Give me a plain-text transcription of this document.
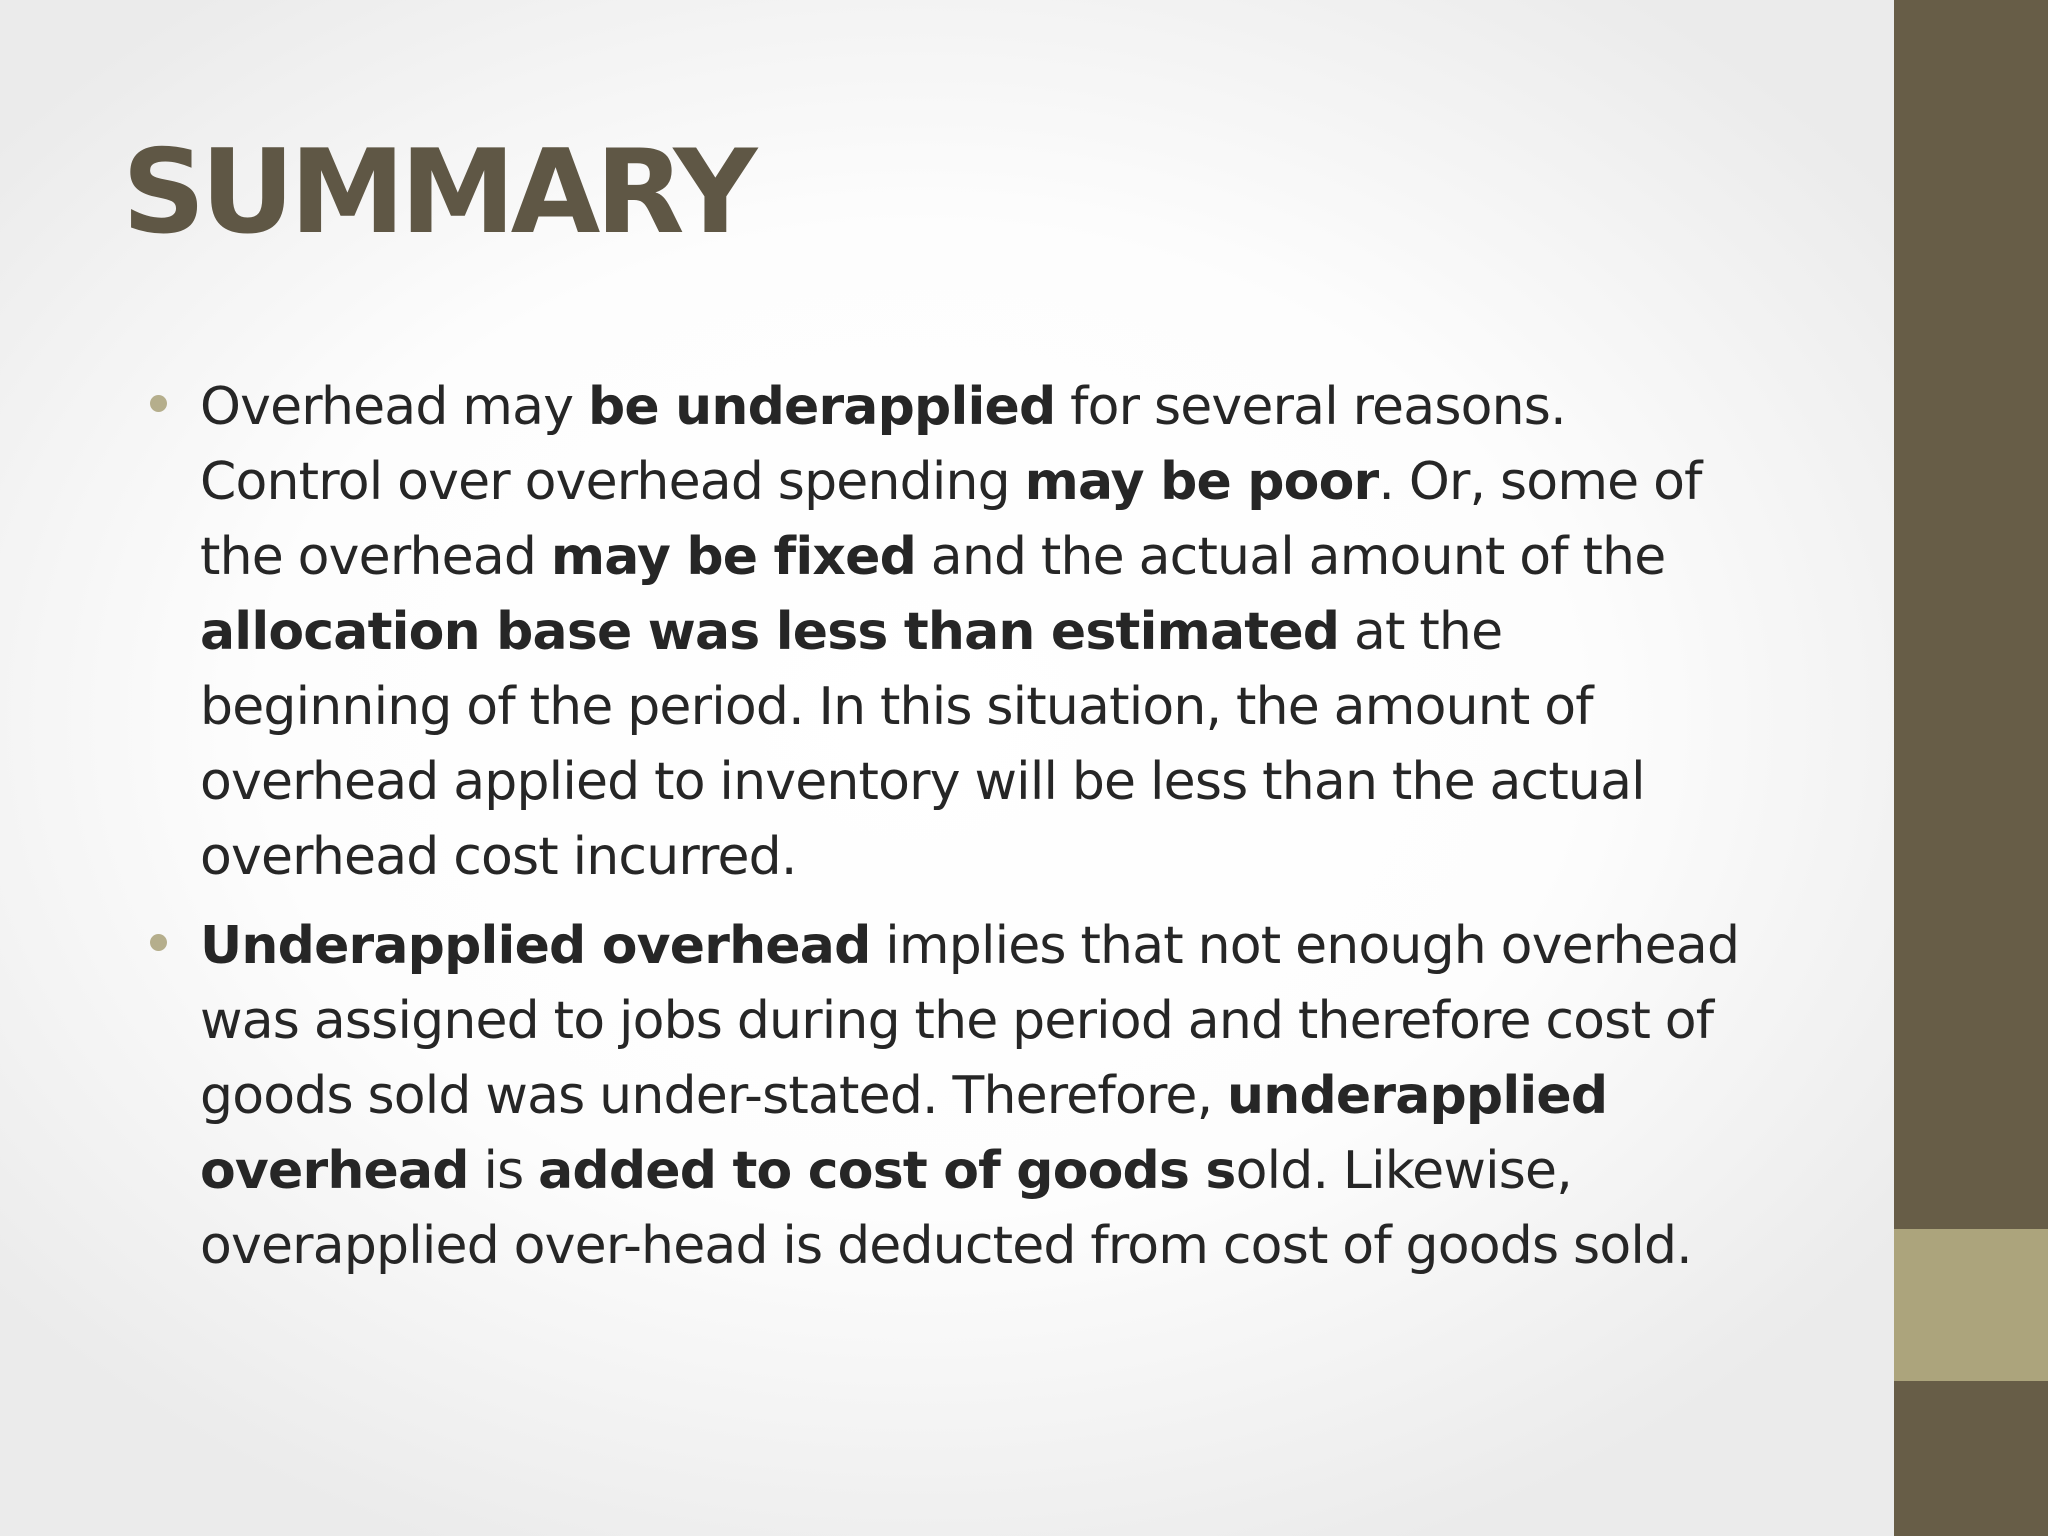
SUMMARY
Overhead may be underapplied for several reasons. Control over overhead spending may be poor. Or, some of the overhead may be fixed and the actual amount of the allocation base was less than estimated at the beginning of the period. In this situation, the amount of overhead applied to inventory will be less than the actual overhead cost incurred.
Underapplied overhead implies that not enough overhead was assigned to jobs during the period and therefore cost of goods sold was under-stated. Therefore, underapplied overhead is added to cost of goods sold. Likewise, overapplied over-head is deducted from cost of goods sold.
